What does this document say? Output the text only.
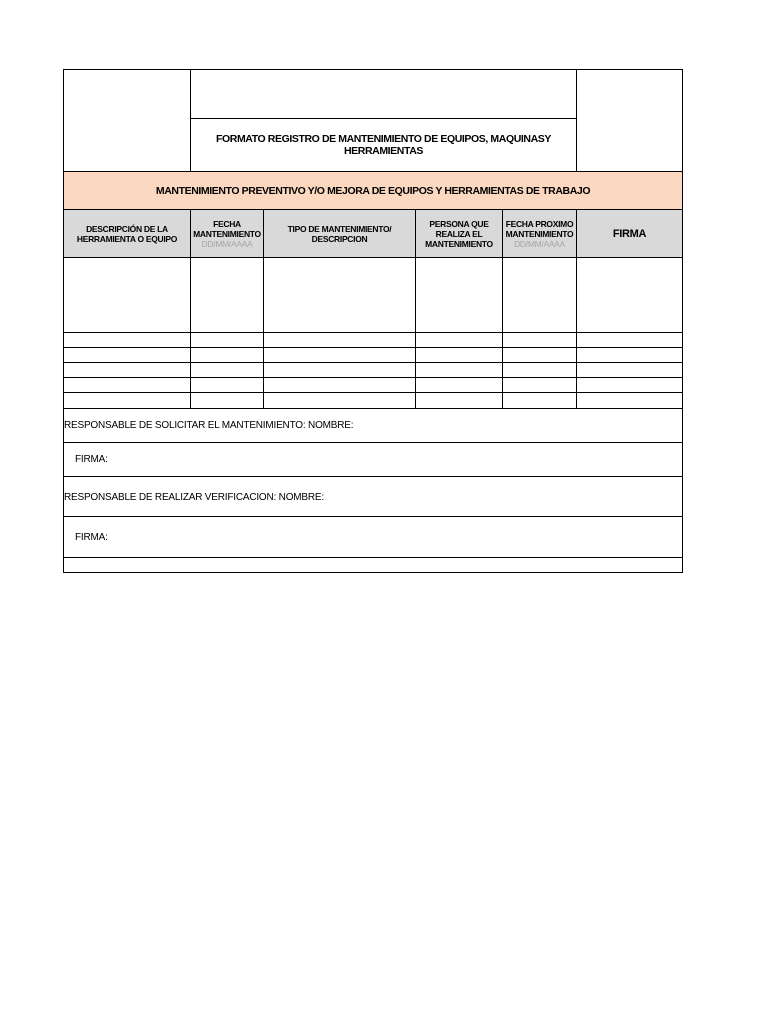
FORMATO REGISTRO DE MANTENIMIENTO DE EQUIPOS, MAQUINASY
HERRAMIENTAS
MANTENIMIENTO PREVENTIVO Y/O MEJORA DE EQUIPOS Y HERRAMIENTAS DE TRABAJO
DESCRIPCIÓN DE LA
HERRAMIENTA O EQUIPO
FECHA
MANTENIMIENTO
DD/MM/AAAA
TIPO DE MANTENIMIENTO/
DESCRIPCION
PERSONA QUE
REALIZA EL
MANTENIMIENTO
FECHA PROXIMO
MANTENIMIENTO
DD/MM/AAAA
FIRMA
RESPONSABLE DE SOLICITAR EL MANTENIMIENTO: NOMBRE:
FIRMA:
RESPONSABLE DE REALIZAR VERIFICACION: NOMBRE:
FIRMA:
